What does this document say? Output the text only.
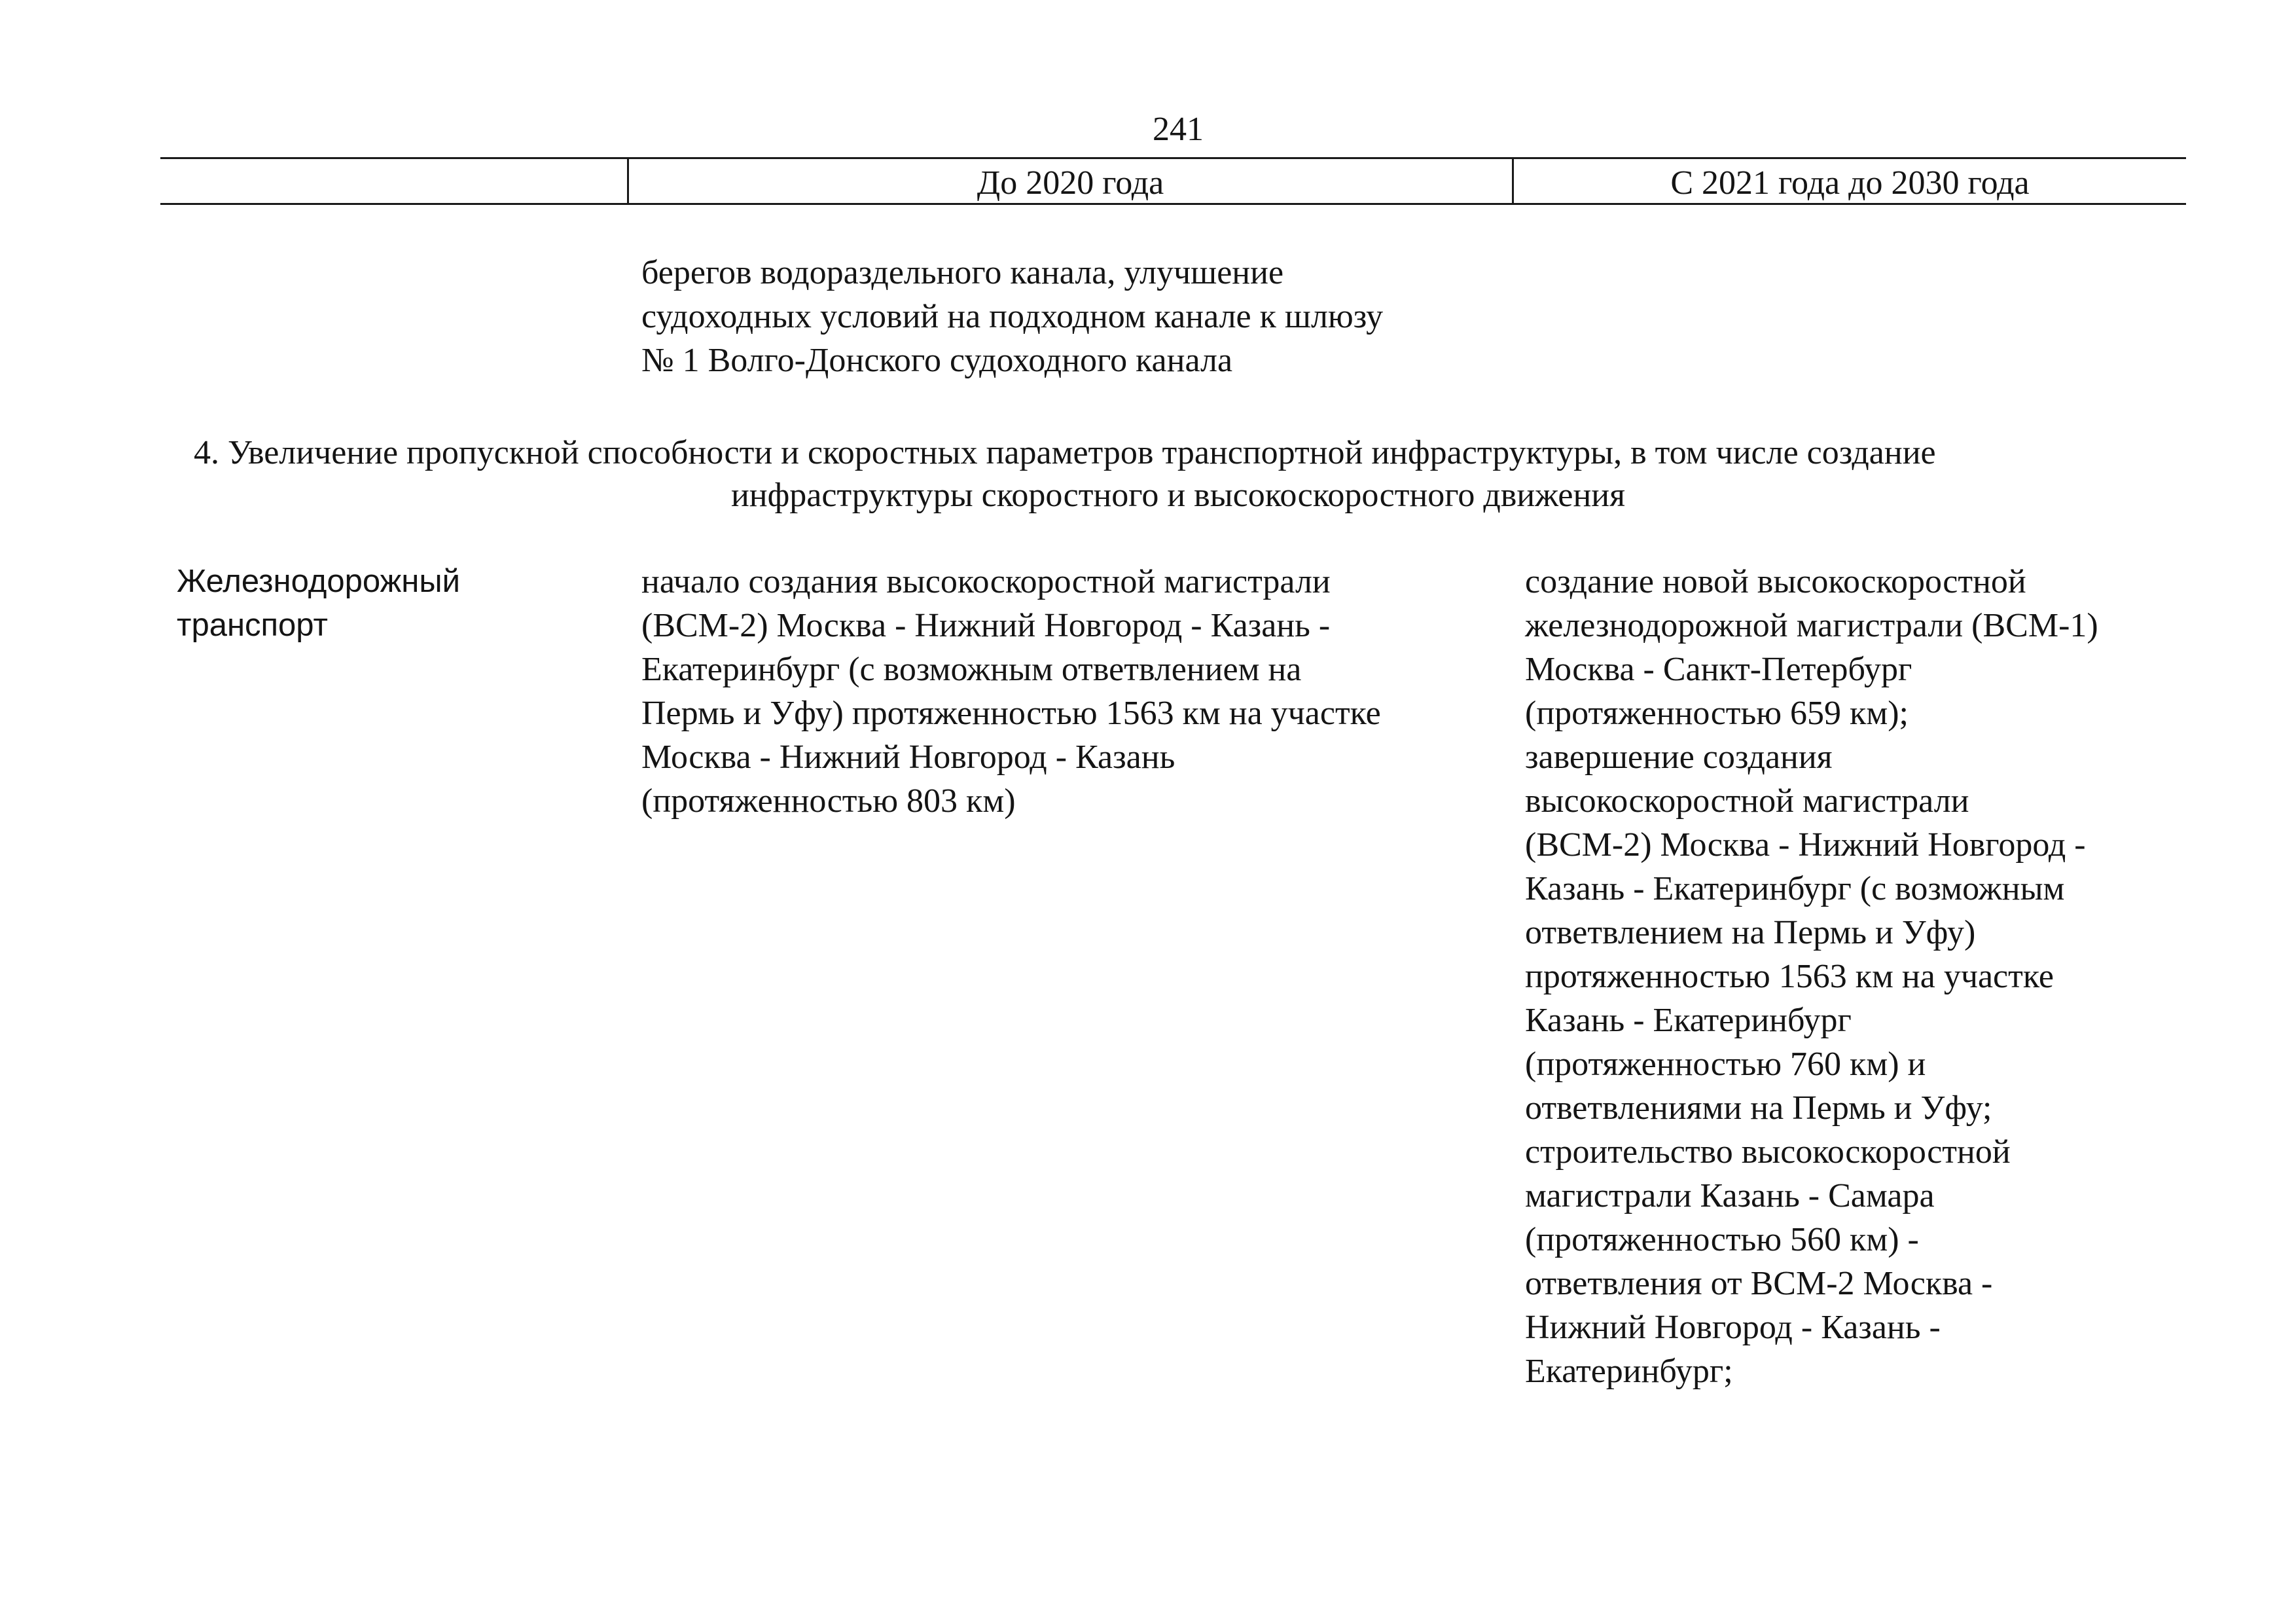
241
До 2020 года	С 2021 года до 2030 года
берегов водораздельного канала, улучшение
судоходных условий на подходном канале к шлюзу
№ 1 Волго-Донского судоходного канала
4. Увеличение пропускной способности и скоростных параметров транспортной инфраструктуры, в том числе создание
инфраструктуры скоростного и высокоскоростного движения
Железнодорожный
транспорт
начало создания высокоскоростной магистрали
(ВСМ-2) Москва - Нижний Новгород - Казань -
Екатеринбург (с возможным ответвлением на
Пермь и Уфу) протяженностью 1563 км на участке
Москва - Нижний Новгород - Казань
(протяженностью 803 км)
создание новой высокоскоростной
железнодорожной магистрали (ВСМ-1)
Москва - Санкт-Петербург
(протяженностью 659 км);
завершение создания
высокоскоростной магистрали
(ВСМ-2) Москва - Нижний Новгород -
Казань - Екатеринбург (с возможным
ответвлением на Пермь и Уфу)
протяженностью 1563 км на участке
Казань - Екатеринбург
(протяженностью 760 км) и
ответвлениями на Пермь и Уфу;
строительство высокоскоростной
магистрали Казань - Самара
(протяженностью 560 км) -
ответвления от ВСМ-2 Москва -
Нижний Новгород - Казань -
Екатеринбург;
